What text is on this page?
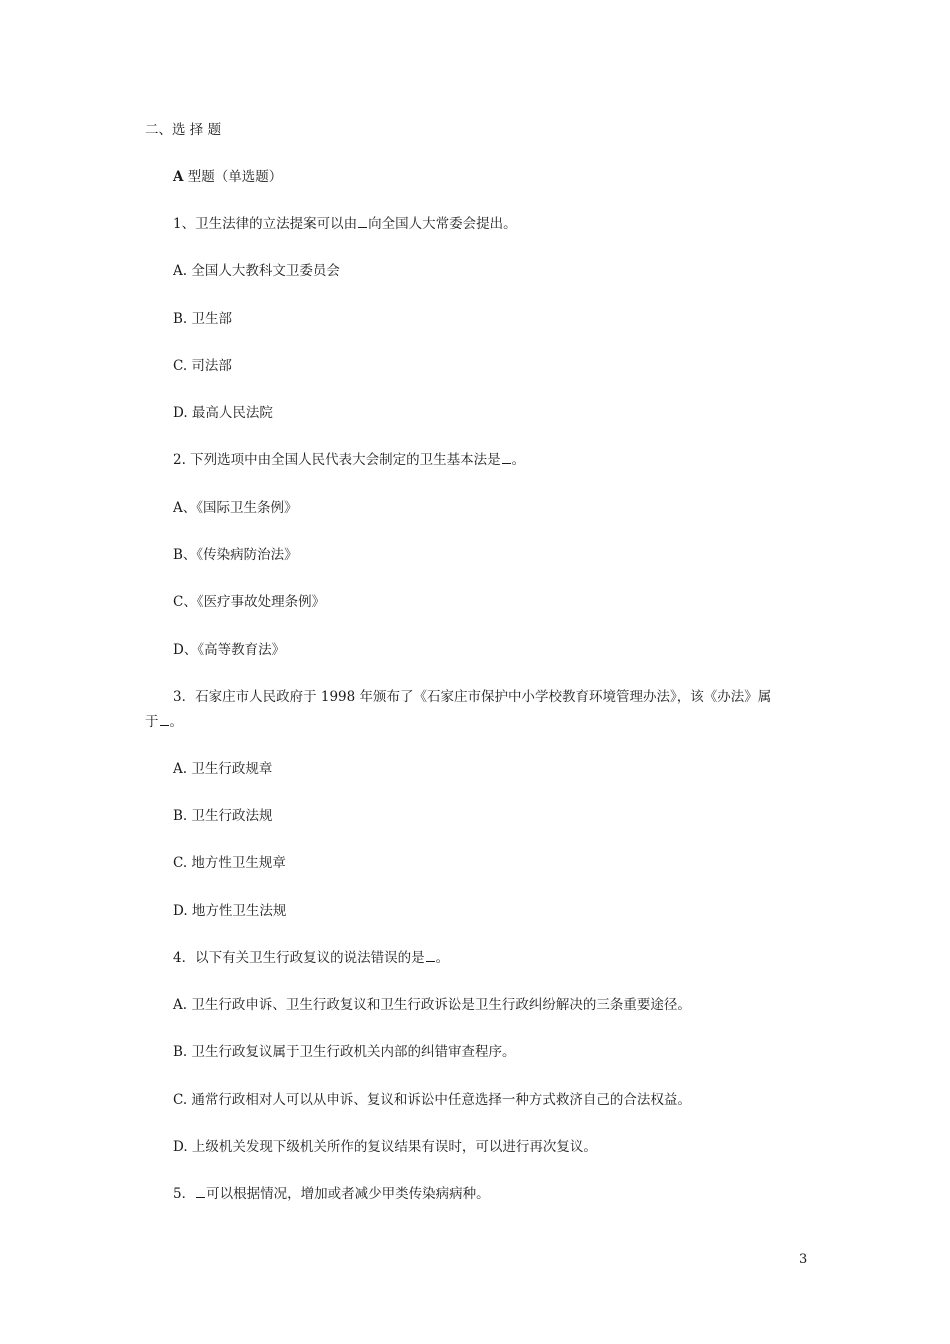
二、选 择 题
A 型题（单选题）
1、卫生法律的立法提案可以由 向全国人大常委会提出。
A. 全国人大教科文卫委员会
B. 卫生部
C. 司法部
D. 最高人民法院
2. 下列选项中由全国人民代表大会制定的卫生基本法是 。
A、《国际卫生条例》
B、《传染病防治法》
C、《医疗事故处理条例》
D、《高等教育法》
3．石家庄市人民政府于 1998 年颁布了《石家庄市保护中小学校教育环境管理办法》，该《办法》属
于 。
A. 卫生行政规章
B. 卫生行政法规
C. 地方性卫生规章
D. 地方性卫生法规
4．以下有关卫生行政复议的说法错误的是 。
A. 卫生行政申诉、卫生行政复议和卫生行政诉讼是卫生行政纠纷解决的三条重要途径。
B. 卫生行政复议属于卫生行政机关内部的纠错审查程序。
C. 通常行政相对人可以从申诉、复议和诉讼中任意选择一种方式救济自己的合法权益。
D. 上级机关发现下级机关所作的复议结果有误时，可以进行再次复议。
5． 可以根据情况，增加或者减少甲类传染病病种。
3
